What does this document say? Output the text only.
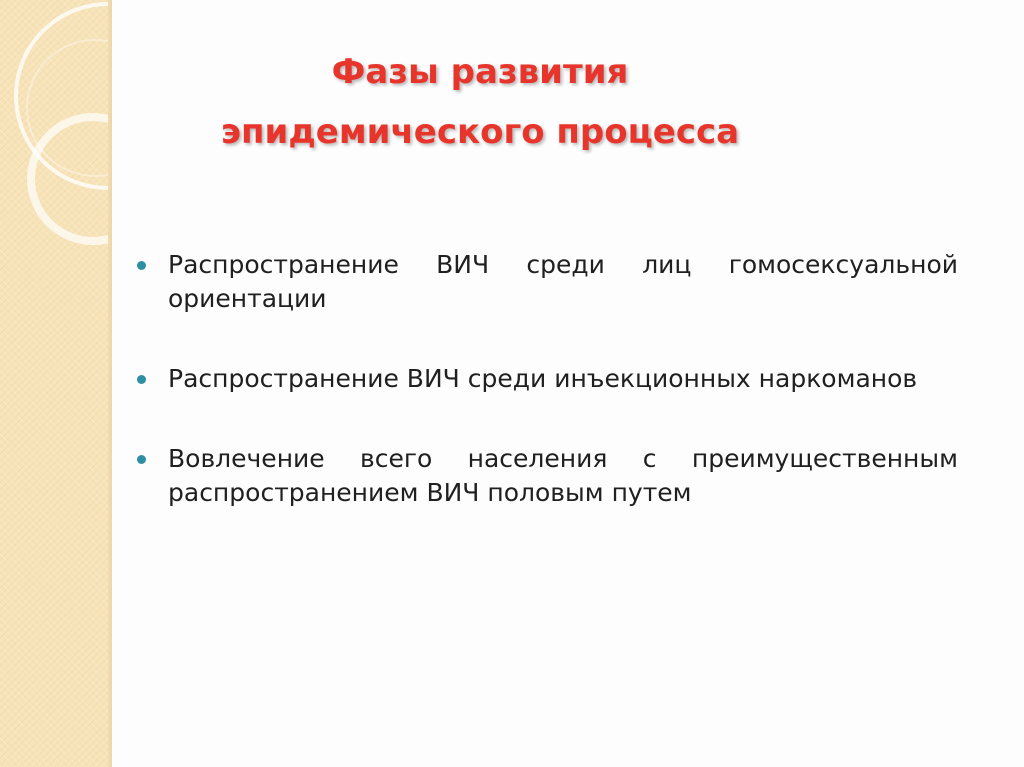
Фазы развития эпидемического процесса
Распространение ВИЧ среди лиц гомосексуальной ориентации
Распространение ВИЧ среди инъекционных наркоманов
Вовлечение всего населения с преимущественным распространением ВИЧ половым путем
